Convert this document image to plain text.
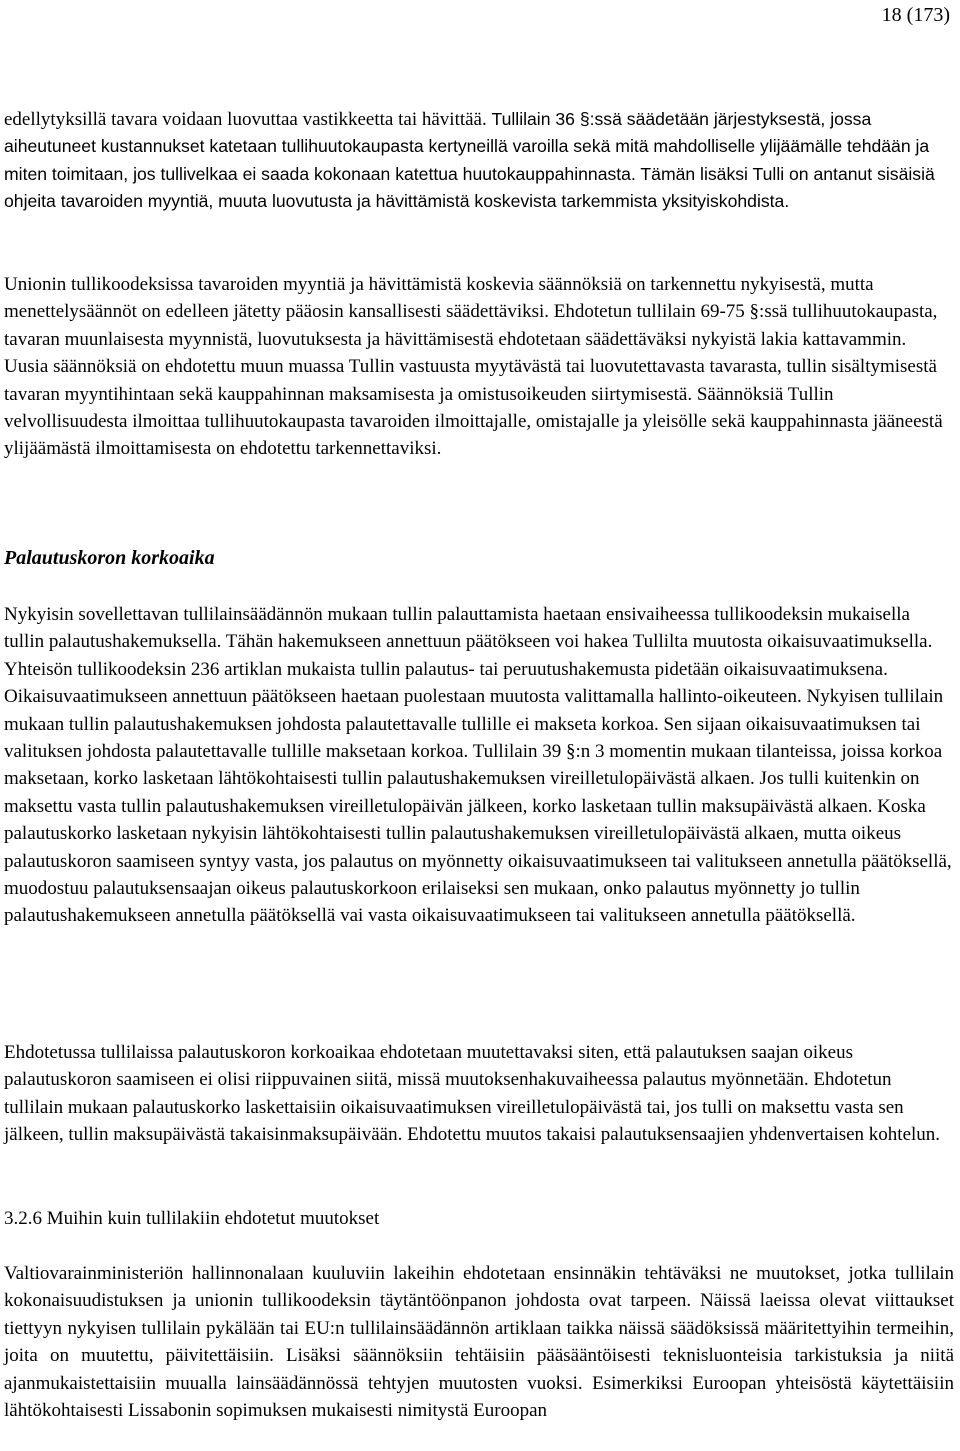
18 (173)

edellytyksillä tavara voidaan luovuttaa vastikkeetta tai hävittää. Tullilain 36 §:ssä säädetään järjestyksestä, jossa aiheutuneet kustannukset katetaan tullihuutokaupasta kertyneillä varoilla sekä mitä mahdolliselle ylijäämälle tehdään ja miten toimitaan, jos tullivelkaa ei saada kokonaan katettua huutokauppahinnasta. Tämän lisäksi Tulli on antanut sisäisiä ohjeita tavaroiden myyntiä, muuta luovutusta ja hävittämistä koskevista tarkemmista yksityiskohdista.

Unionin tullikoodeksissa tavaroiden myyntiä ja hävittämistä koskevia säännöksiä on tarkennettu nykyisestä, mutta menettelysäännöt on edelleen jätetty pääosin kansallisesti säädettäviksi. Ehdotetun tullilain 69-75 §:ssä tullihuutokaupasta, tavaran muunlaisesta myynnistä, luovutuksesta ja hävittämisestä ehdotetaan säädettäväksi nykyistä lakia kattavammin. Uusia säännöksiä on ehdotettu muun muassa Tullin vastuusta myytävästä tai luovutettavasta tavarasta, tullin sisältymisestä tavaran myyntihintaan sekä kauppahinnan maksamisesta ja omistusoikeuden siirtymisestä. Säännöksiä Tullin velvollisuudesta ilmoittaa tullihuutokaupasta tavaroiden ilmoittajalle, omistajalle ja yleisölle sekä kauppahinnasta jääneestä ylijäämästä ilmoittamisesta on ehdotettu tarkennettaviksi.

Palautuskoron korkoaika

Nykyisin sovellettavan tullilainsäädännön mukaan tullin palauttamista haetaan ensivaiheessa tullikoodeksin mukaisella tullin palautushakemuksella. Tähän hakemukseen annettuun päätökseen voi hakea Tullilta muutosta oikaisuvaatimuksella. Yhteisön tullikoodeksin 236 artiklan mukaista tullin palautus- tai peruutushakemusta pidetään oikaisuvaatimuksena. Oikaisuvaatimukseen annettuun päätökseen haetaan puolestaan muutosta valittamalla hallinto-oikeuteen. Nykyisen tullilain mukaan tullin palautushakemuksen johdosta palautettavalle tullille ei makseta korkoa. Sen sijaan oikaisuvaatimuksen tai valituksen johdosta palautettavalle tullille maksetaan korkoa. Tullilain 39 §:n 3 momentin mukaan tilanteissa, joissa korkoa maksetaan, korko lasketaan lähtökohtaisesti tullin palautushakemuksen vireilletulopäivästä alkaen. Jos tulli kuitenkin on maksettu vasta tullin palautushakemuksen vireilletulopäivän jälkeen, korko lasketaan tullin maksupäivästä alkaen. Koska palautuskorko lasketaan nykyisin lähtökohtaisesti tullin palautushakemuksen vireilletulopäivästä alkaen, mutta oikeus palautuskoron saamiseen syntyy vasta, jos palautus on myönnetty oikaisuvaatimukseen tai valitukseen annetulla päätöksellä, muodostuu palautuksensaajan oikeus palautuskorkoon erilaiseksi sen mukaan, onko palautus myönnetty jo tullin palautushakemukseen annetulla päätöksellä vai vasta oikaisuvaatimukseen tai valitukseen annetulla päätöksellä.

Ehdotetussa tullilaissa palautuskoron korkoaikaa ehdotetaan muutettavaksi siten, että palautuksen saajan oikeus palautuskoron saamiseen ei olisi riippuvainen siitä, missä muutoksenhakuvaiheessa palautus myönnetään. Ehdotetun tullilain mukaan palautuskorko laskettaisiin oikaisuvaatimuksen vireilletulopäivästä tai, jos tulli on maksettu vasta sen jälkeen, tullin maksupäivästä takaisinmaksupäivään. Ehdotettu muutos takaisi palautuksensaajien yhdenvertaisen kohtelun.

3.2.6 Muihin kuin tullilakiin ehdotetut muutokset

Valtiovarainministeriön hallinnonalaan kuuluviin lakeihin ehdotetaan ensinnäkin tehtäväksi ne muutokset, jotka tullilain kokonaisuudistuksen ja unionin tullikoodeksin täytäntöönpanon johdosta ovat tarpeen. Näissä laeissa olevat viittaukset tiettyyn nykyisen tullilain pykälään tai EU:n tullilainsäädännön artiklaan taikka näissä säädöksissä määritettyihin termeihin, joita on muutettu, päivitettäisiin. Lisäksi säännöksiin tehtäisiin pääsääntöisesti teknisluonteisia tarkistuksia ja niitä ajanmukaistettaisiin muualla lainsäädännössä tehtyjen muutosten vuoksi. Esimerkiksi Euroopan yhteisöstä käytettäisiin lähtökohtaisesti Lissabonin sopimuksen mukaisesti nimitystä Euroopan
